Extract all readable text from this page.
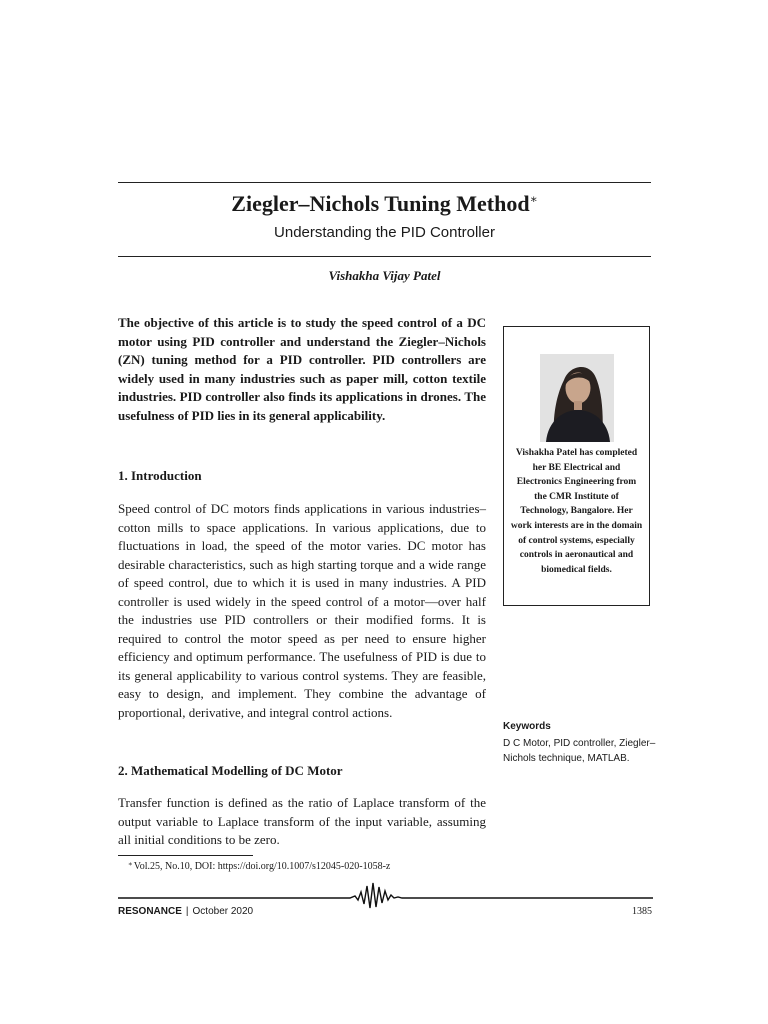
Ziegler–Nichols Tuning Method∗
Understanding the PID Controller
Vishakha Vijay Patel

The objective of this article is to study the speed control of a DC motor using PID controller and understand the Ziegler–Nichols (ZN) tuning method for a PID controller. PID controllers are widely used in many industries such as paper mill, cotton textile industries. PID controller also finds its applications in drones. The usefulness of PID lies in its general applicability.

1. Introduction

Speed control of DC motors finds applications in various industries–cotton mills to space applications. In various applications, due to fluctuations in load, the speed of the motor varies. DC motor has desirable characteristics, such as high starting torque and a wide range of speed control, due to which it is used in many industries. A PID controller is used widely in the speed control of a motor—over half the industries use PID controllers or their modified forms. It is required to control the motor speed as per need to ensure higher efficiency and optimum performance. The usefulness of PID is due to its general applicability to various control systems. They are feasible, easy to design, and implement. They combine the advantage of proportional, derivative, and integral control actions.

2. Mathematical Modelling of DC Motor

Transfer function is defined as the ratio of Laplace transform of the output variable to Laplace transform of the input variable, assuming all initial conditions to be zero.

Vishakha Patel has completed her BE Electrical and Electronics Engineering from the CMR Institute of Technology, Bangalore. Her work interests are in the domain of control systems, especially controls in aeronautical and biomedical fields.

Keywords

D C Motor, PID controller, Ziegler–Nichols technique, MATLAB.

∗Vol.25, No.10, DOI: https://doi.org/10.1007/s12045-020-1058-z
RESONANCE | October 2020	1385
